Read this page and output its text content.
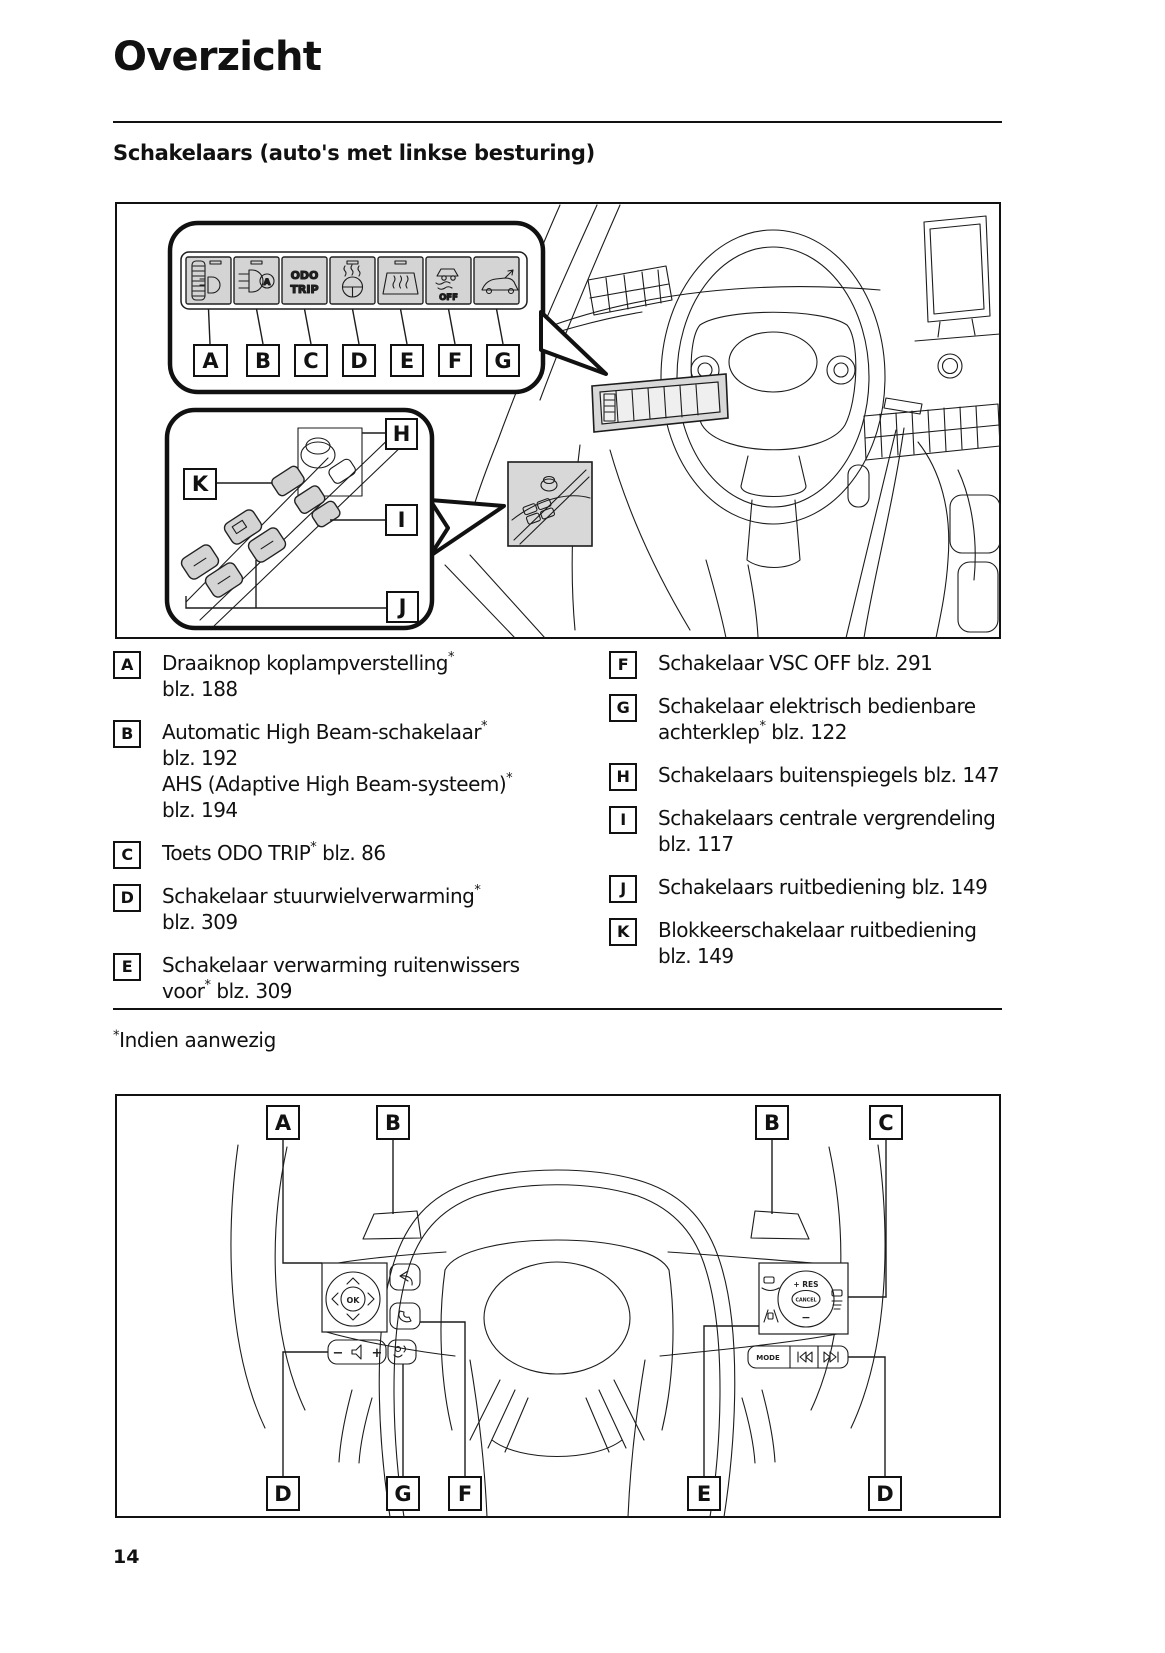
Overzicht
Schakelaars (auto's met linkse besturing)
A
ODO
TRIP
OFF
A B C D E F G
H
K
I
J
OK
− +
+ RES
CANCEL
−
MODE
A	B	B	C
D	G F	E	D
A	Draaiknop koplampverstelling*
blz. 188
B	Automatic High Beam-schakelaar*
blz. 192
AHS (Adaptive High Beam-systeem)*
blz. 194
C	Toets ODO TRIP* blz. 86
D	Schakelaar stuurwielverwarming*
blz. 309
E	Schakelaar verwarming ruitenwissers
voor* blz. 309
F	Schakelaar VSC OFF blz. 291
G	Schakelaar elektrisch bedienbare
achterklep* blz. 122
H	Schakelaars buitenspiegels blz. 147
I	Schakelaars centrale vergrendeling
blz. 117
J	Schakelaars ruitbediening blz. 149
K	Blokkeerschakelaar ruitbediening
blz. 149
*Indien aanwezig
14
